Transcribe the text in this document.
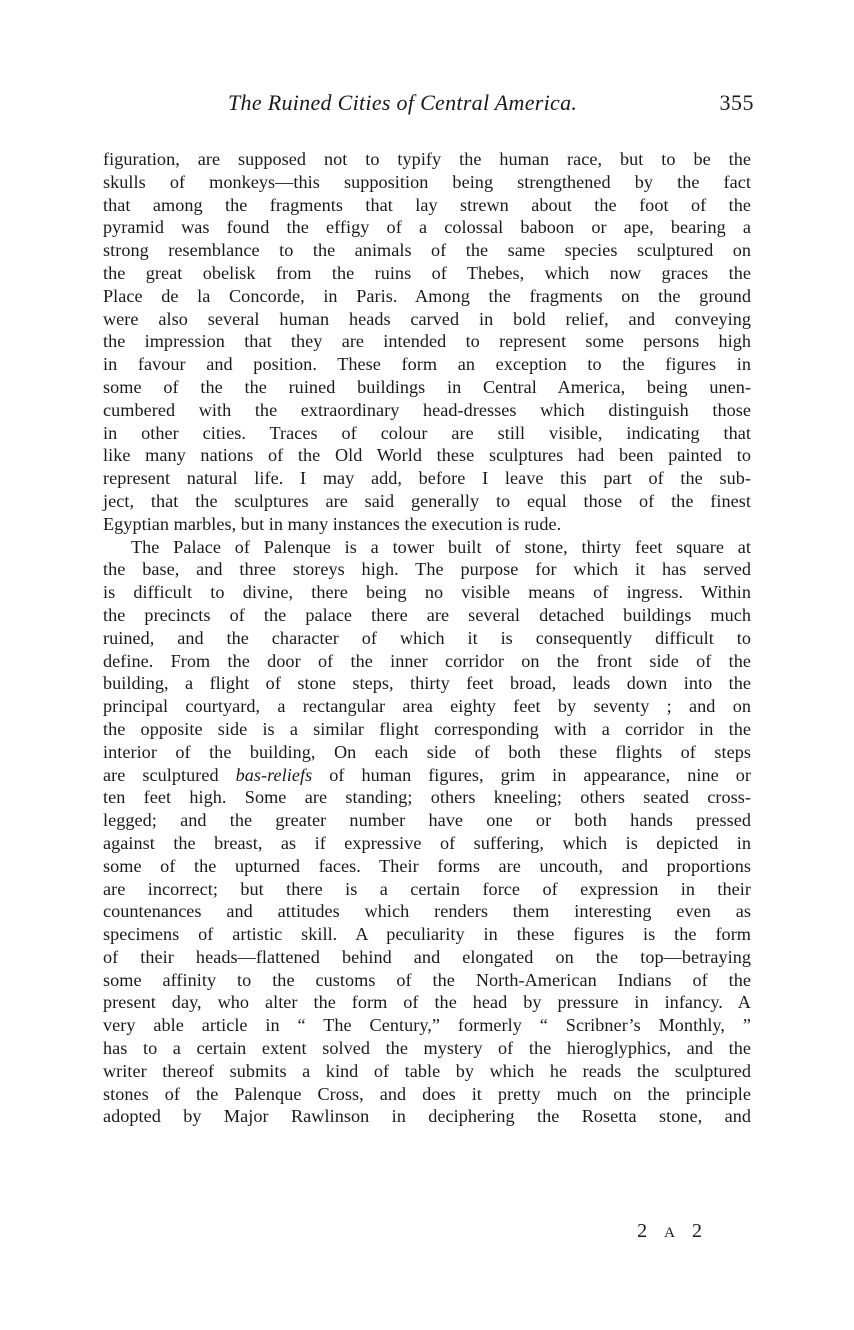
The Ruined Cities of Central America.	355
figuration, are supposed not to typify the human race, but to be the
skulls of monkeys—this supposition being strengthened by the fact
that among the fragments that lay strewn about the foot of the
pyramid was found the effigy of a colossal baboon or ape, bearing a
strong resemblance to the animals of the same species sculptured on
the great obelisk from the ruins of Thebes, which now graces the
Place de la Concorde, in Paris. Among the fragments on the ground
were also several human heads carved in bold relief, and conveying
the impression that they are intended to represent some persons high
in favour and position. These form an exception to the figures in
some of the the ruined buildings in Central America, being unen-
cumbered with the extraordinary head-dresses which distinguish those
in other cities. Traces of colour are still visible, indicating that
like many nations of the Old World these sculptures had been painted to
represent natural life. I may add, before I leave this part of the sub-
ject, that the sculptures are said generally to equal those of the finest
Egyptian marbles, but in many instances the execution is rude.
The Palace of Palenque is a tower built of stone, thirty feet square at
the base, and three storeys high. The purpose for which it has served
is difficult to divine, there being no visible means of ingress. Within
the precincts of the palace there are several detached buildings much
ruined, and the character of which it is consequently difficult to
define. From the door of the inner corridor on the front side of the
building, a flight of stone steps, thirty feet broad, leads down into the
principal courtyard, a rectangular area eighty feet by seventy ; and on
the opposite side is a similar flight corresponding with a corridor in the
interior of the building, On each side of both these flights of steps
are sculptured bas-reliefs of human figures, grim in appearance, nine or
ten feet high. Some are standing; others kneeling; others seated cross-
legged; and the greater number have one or both hands pressed
against the breast, as if expressive of suffering, which is depicted in
some of the upturned faces. Their forms are uncouth, and proportions
are incorrect; but there is a certain force of expression in their
countenances and attitudes which renders them interesting even as
specimens of artistic skill. A peculiarity in these figures is the form
of their heads—flattened behind and elongated on the top—betraying
some affinity to the customs of the North-American Indians of the
present day, who alter the form of the head by pressure in infancy. A
very able article in “ The Century,” formerly “ Scribner’s Monthly, ”
has to a certain extent solved the mystery of the hieroglyphics, and the
writer thereof submits a kind of table by which he reads the sculptured
stones of the Palenque Cross, and does it pretty much on the principle
adopted by Major Rawlinson in deciphering the Rosetta stone, and
2 A 2
